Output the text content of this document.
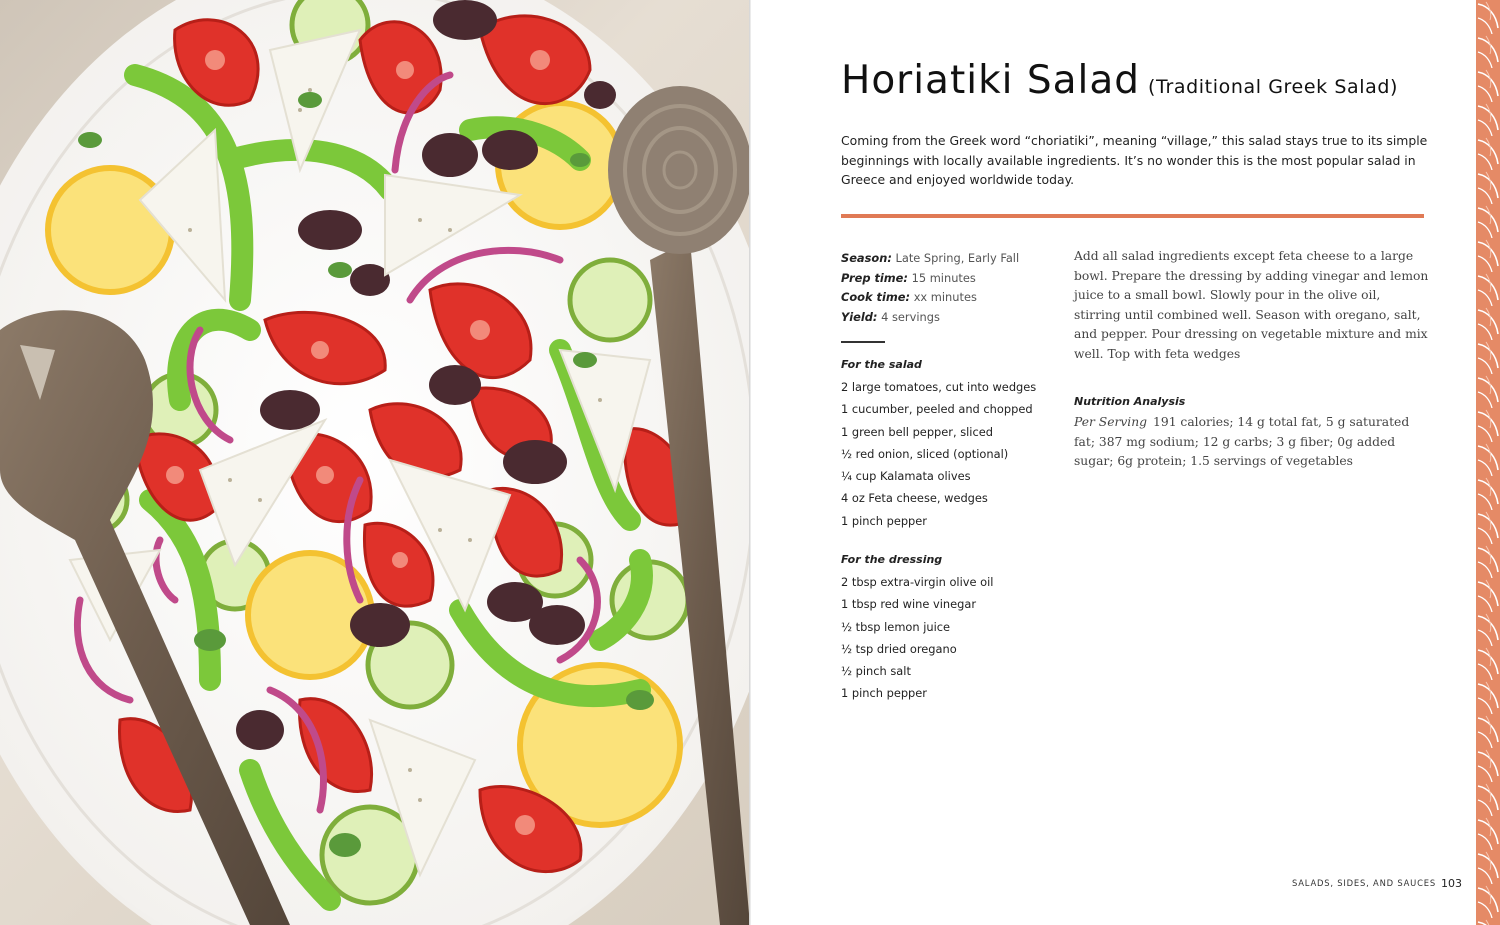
Horiatiki Salad (Traditional Greek Salad)
Coming from the Greek word “choriatiki”, meaning “village,” this salad stays true to its simple beginnings with locally available ingredients. It’s no wonder this is the most popular salad in Greece and enjoyed worldwide today.
Season: Late Spring, Early Fall
Prep time: 15 minutes
Cook time: xx minutes
Yield: 4 servings
For the salad
2 large tomatoes, cut into wedges
1 cucumber, peeled and chopped
1 green bell pepper, sliced
½ red onion, sliced (optional)
¼ cup Kalamata olives
4 oz Feta cheese, wedges
1 pinch pepper
For the dressing
2 tbsp extra-virgin olive oil
1 tbsp red wine vinegar
½ tbsp lemon juice
½ tsp dried oregano
½ pinch salt
1 pinch pepper
Add all salad ingredients except feta cheese to a large bowl. Prepare the dressing by adding vinegar and lemon juice to a small bowl. Slowly pour in the olive oil, stirring until combined well. Season with oregano, salt, and pepper. Pour dressing on vegetable mixture and mix well. Top with feta wedges
Nutrition Analysis
Per Serving 191 calories; 14 g total fat, 5 g saturated fat; 387 mg sodium; 12 g carbs; 3 g fiber; 0g added sugar; 6g protein; 1.5 servings of vegetables
SALADS, SIDES, AND SAUCES 103
